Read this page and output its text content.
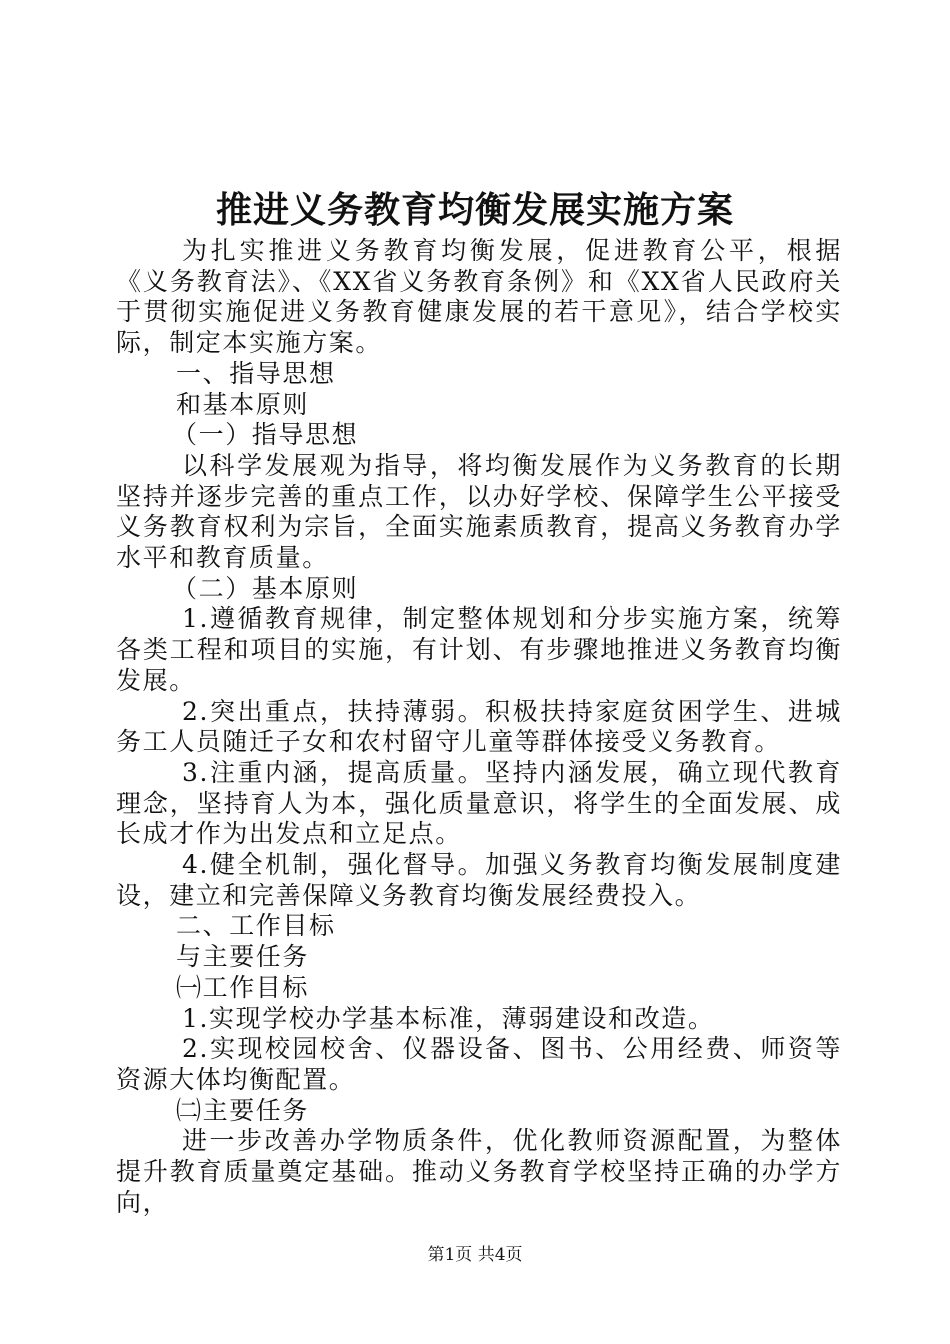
推进义务教育均衡发展实施方案

为扎实推进义务教育均衡发展，促进教育公平，根据《义务教育法》、《XX省义务教育条例》和《XX省人民政府关于贯彻实施促进义务教育健康发展的若干意见》，结合学校实际，制定本实施方案。

一、指导思想

和基本原则

（一）指导思想

以科学发展观为指导，将均衡发展作为义务教育的长期坚持并逐步完善的重点工作，以办好学校、保障学生公平接受义务教育权利为宗旨，全面实施素质教育，提高义务教育办学水平和教育质量。

（二）基本原则

1.遵循教育规律，制定整体规划和分步实施方案，统筹各类工程和项目的实施，有计划、有步骤地推进义务教育均衡发展。

2.突出重点，扶持薄弱。积极扶持家庭贫困学生、进城务工人员随迁子女和农村留守儿童等群体接受义务教育。

3.注重内涵，提高质量。坚持内涵发展，确立现代教育理念，坚持育人为本，强化质量意识，将学生的全面发展、成长成才作为出发点和立足点。

4.健全机制，强化督导。加强义务教育均衡发展制度建设，建立和完善保障义务教育均衡发展经费投入。

二、工作目标

与主要任务

㈠工作目标

1.实现学校办学基本标准，薄弱建设和改造。

2.实现校园校舍、仪器设备、图书、公用经费、师资等资源大体均衡配置。

㈡主要任务

进一步改善办学物质条件，优化教师资源配置，为整体提升教育质量奠定基础。推动义务教育学校坚持正确的办学方向，

第1页 共4页
